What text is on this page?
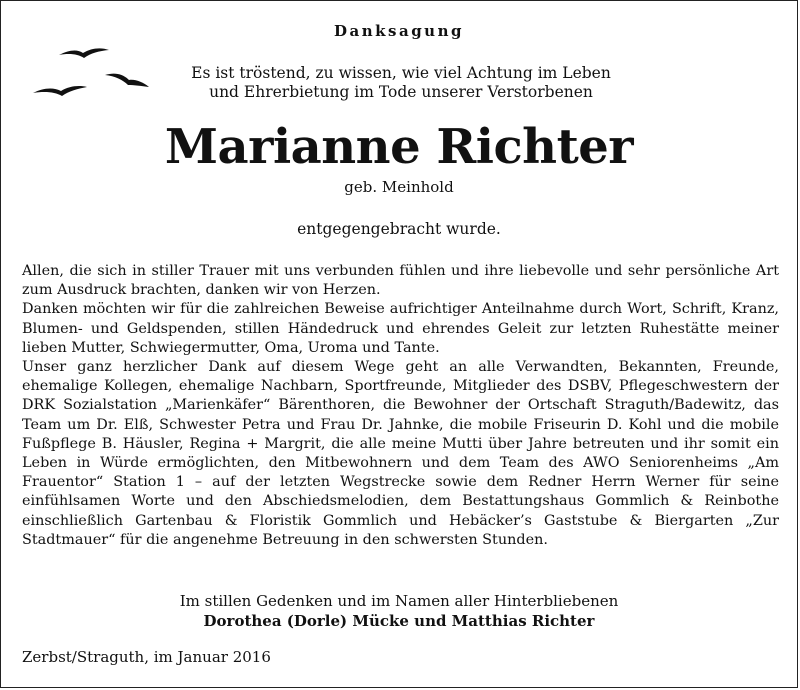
Danksagung
Es ist tröstend, zu wissen, wie viel Achtung im Leben
und Ehrerbietung im Tode unserer Verstorbenen
Marianne Richter
geb. Meinhold
entgegengebracht wurde.

Allen, die sich in stiller Trauer mit uns verbunden fühlen und ihre liebevolle und sehr persönliche Art zum Ausdruck brachten, danken wir von Herzen.

Danken möchten wir für die zahlreichen Beweise aufrichtiger Anteilnahme durch Wort, Schrift, Kranz, Blumen- und Geldspenden, stillen Händedruck und ehrendes Geleit zur letzten Ruhestätte meiner lieben Mutter, Schwiegermutter, Oma, Uroma und Tante.

Unser ganz herzlicher Dank auf diesem Wege geht an alle Verwandten, Bekannten, Freunde, ehemalige Kollegen, ehemalige Nachbarn, Sportfreunde, Mitglieder des DSBV, Pflegeschwestern der DRK Sozialstation „Marienkäfer“ Bärenthoren, die Bewohner der Ortschaft Straguth/Badewitz, das Team um Dr. Elß, Schwester Petra und Frau Dr. Jahnke, die mobile Friseurin D. Kohl und die mobile Fußpflege B. Häusler, Regina + Margrit, die alle meine Mutti über Jahre betreuten und ihr somit ein Leben in Würde ermöglichten, den Mitbewohnern und dem Team des AWO Seniorenheims „Am Frauentor“ Station 1 – auf der letzten Wegstrecke sowie dem Redner Herrn Werner für seine einfühlsamen Worte und den Abschiedsmelodien, dem Bestattungshaus Gommlich & Reinbothe einschließlich Gartenbau & Floristik Gommlich und Hebäcker’s Gaststube & Biergarten „Zur Stadtmauer“ für die angenehme Betreuung in den schwersten Stunden.

Im stillen Gedenken und im Namen aller Hinterbliebenen
Dorothea (Dorle) Mücke und Matthias Richter
Zerbst/Straguth, im Januar 2016
